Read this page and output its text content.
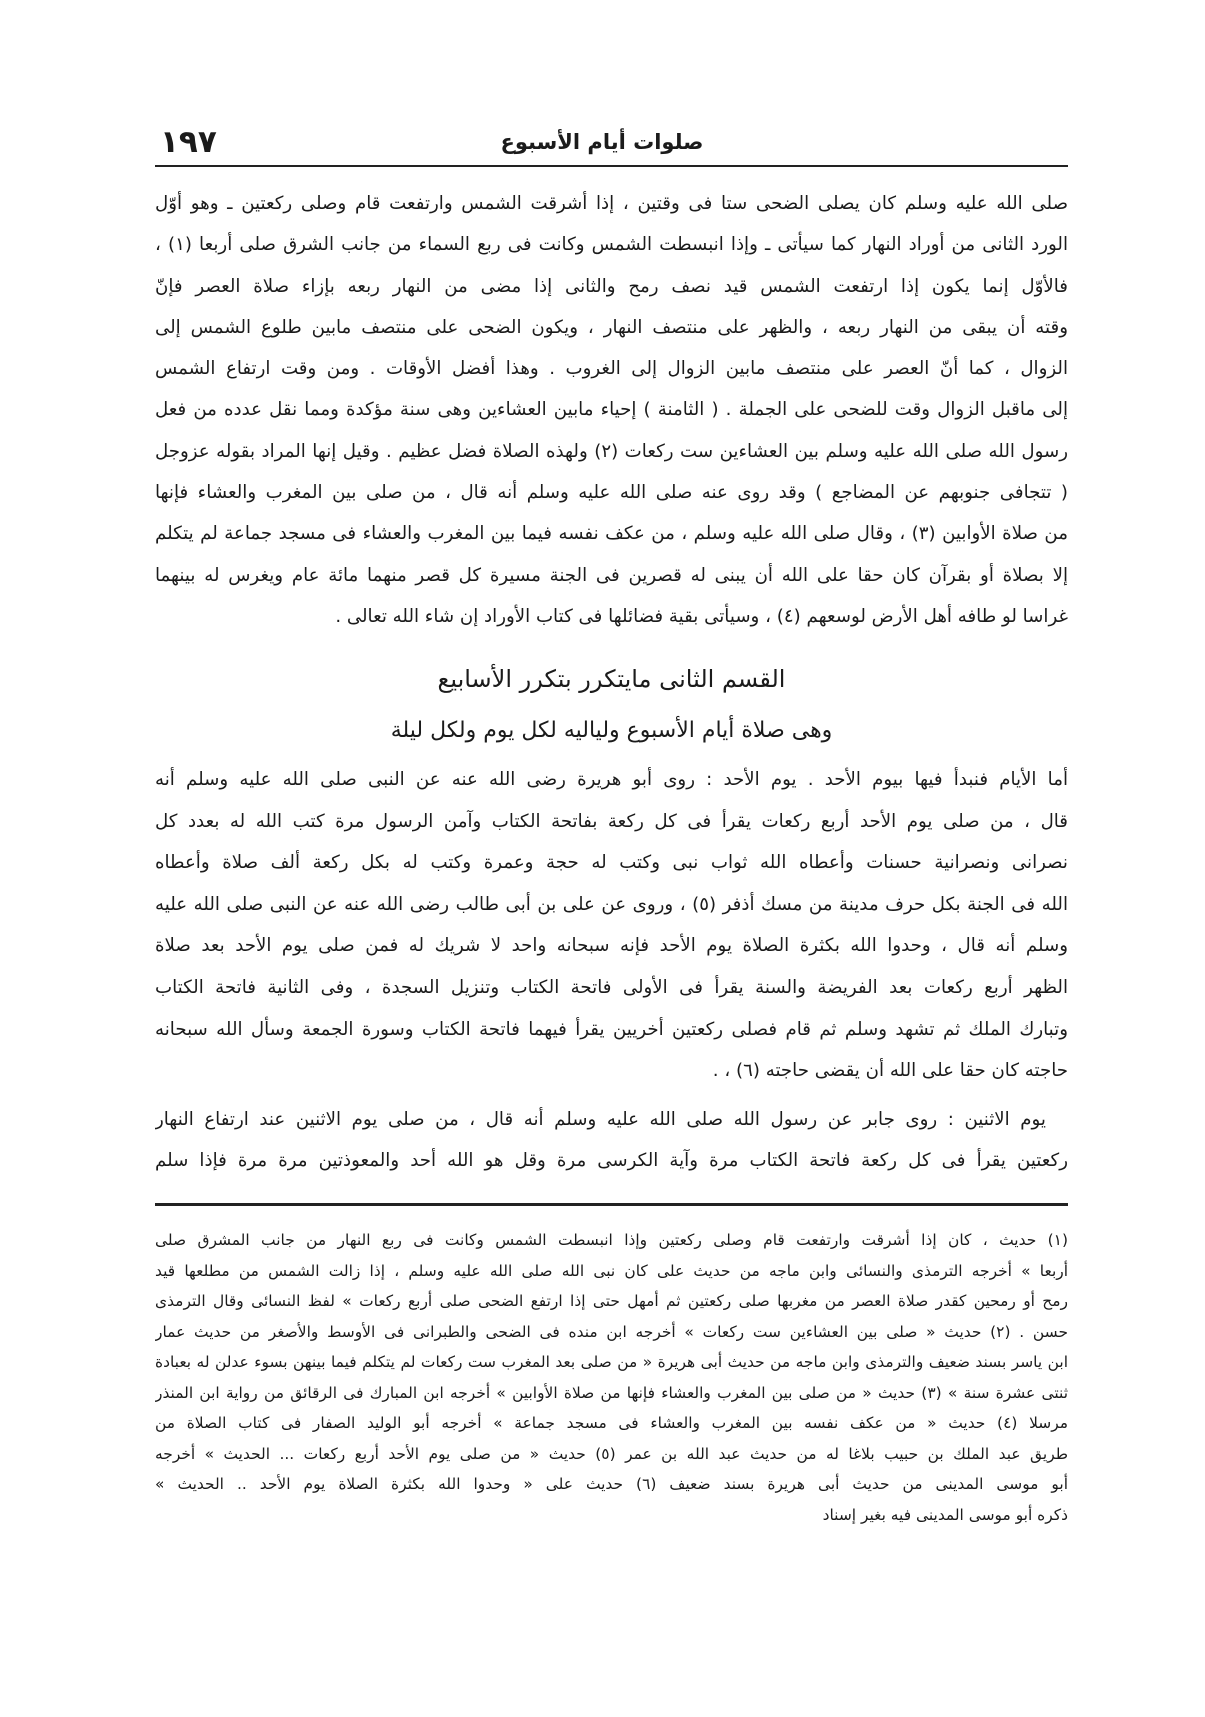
١٩٧	صلوات أيام الأسبوع
صلى الله عليه وسلم كان يصلى الضحى ستا فى وقتين ، إذا أشرقت الشمس وارتفعت قام وصلى ركعتين ـ وهو أوّل
الورد الثانى من أوراد النهار كما سيأتى ـ وإذا انبسطت الشمس وكانت فى ربع السماء من جانب الشرق صلى أربعا (١) ،
فالأوّل إنما يكون إذا ارتفعت الشمس قيد نصف رمح والثانى إذا مضى من النهار ربعه بإزاء صلاة العصر فإنّ
وقته أن يبقى من النهار ربعه ، والظهر على منتصف النهار ، ويكون الضحى على منتصف مابين طلوع الشمس إلى
الزوال ، كما أنّ العصر على منتصف مابين الزوال إلى الغروب . وهذا أفضل الأوقات . ومن وقت ارتفاع الشمس
إلى ماقبل الزوال وقت للضحى على الجملة . ( الثامنة ) إحياء مابين العشاءين وهى سنة مؤكدة ومما نقل عدده من فعل
رسول الله صلى الله عليه وسلم بين العشاءين ست ركعات (٢) ولهذه الصلاة فضل عظيم . وقيل إنها المراد بقوله عزوجل
( تتجافى جنوبهم عن المضاجع ) وقد روى عنه صلى الله عليه وسلم أنه قال ، من صلى بين المغرب والعشاء فإنها
من صلاة الأوابين (٣) ، وقال صلى الله عليه وسلم ، من عكف نفسه فيما بين المغرب والعشاء فى مسجد جماعة لم يتكلم
إلا بصلاة أو بقرآن كان حقا على الله أن يبنى له قصرين فى الجنة مسيرة كل قصر منهما مائة عام ويغرس له بينهما
غراسا لو طافه أهل الأرض لوسعهم (٤) ، وسيأتى بقية فضائلها فى كتاب الأوراد إن شاء الله تعالى .
القسم الثانى مايتكرر بتكرر الأسابيع
وهى صلاة أيام الأسبوع ولياليه لكل يوم ولكل ليلة
أما الأيام فنبدأ فيها بيوم الأحد . يوم الأحد : روى أبو هريرة رضى الله عنه عن النبى صلى الله عليه وسلم أنه
قال ، من صلى يوم الأحد أربع ركعات يقرأ فى كل ركعة بفاتحة الكتاب وآمن الرسول مرة كتب الله له بعدد كل
نصرانى ونصرانية حسنات وأعطاه الله ثواب نبى وكتب له حجة وعمرة وكتب له بكل ركعة ألف صلاة وأعطاه
الله فى الجنة بكل حرف مدينة من مسك أذفر (٥) ، وروى عن على بن أبى طالب رضى الله عنه عن النبى صلى الله عليه
وسلم أنه قال ، وحدوا الله بكثرة الصلاة يوم الأحد فإنه سبحانه واحد لا شريك له فمن صلى يوم الأحد بعد صلاة
الظهر أربع ركعات بعد الفريضة والسنة يقرأ فى الأولى فاتحة الكتاب وتنزيل السجدة ، وفى الثانية فاتحة الكتاب
وتبارك الملك ثم تشهد وسلم ثم قام فصلى ركعتين أخريين يقرأ فيهما فاتحة الكتاب وسورة الجمعة وسأل الله سبحانه
حاجته كان حقا على الله أن يقضى حاجته (٦) ، .
يوم الاثنين : روى جابر عن رسول الله صلى الله عليه وسلم أنه قال ، من صلى يوم الاثنين عند ارتفاع النهار
ركعتين يقرأ فى كل ركعة فاتحة الكتاب مرة وآية الكرسى مرة وقل هو الله أحد والمعوذتين مرة مرة فإذا سلم
(١) حديث ، كان إذا أشرقت وارتفعت قام وصلى ركعتين وإذا انبسطت الشمس وكانت فى ربع النهار من جانب المشرق صلى
أربعا » أخرجه الترمذى والنسائى وابن ماجه من حديث على كان نبى الله صلى الله عليه وسلم ، إذا زالت الشمس من مطلعها قيد
رمح أو رمحين كقدر صلاة العصر من مغربها صلى ركعتين ثم أمهل حتى إذا ارتفع الضحى صلى أربع ركعات » لفظ النسائى وقال الترمذى
حسن . (٢) حديث « صلى بين العشاءين ست ركعات » أخرجه ابن منده فى الضحى والطبرانى فى الأوسط والأصغر من حديث عمار
ابن ياسر بسند ضعيف والترمذى وابن ماجه من حديث أبى هريرة « من صلى بعد المغرب ست ركعات لم يتكلم فيما بينهن بسوء عدلن له بعبادة
ثنتى عشرة سنة » (٣) حديث « من صلى بين المغرب والعشاء فإنها من صلاة الأوابين » أخرجه ابن المبارك فى الرقائق من رواية ابن المنذر
مرسلا (٤) حديث « من عكف نفسه بين المغرب والعشاء فى مسجد جماعة » أخرجه أبو الوليد الصفار فى كتاب الصلاة من
طريق عبد الملك بن حبيب بلاغا له من حديث عبد الله بن عمر (٥) حديث « من صلى يوم الأحد أربع ركعات ... الحديث » أخرجه
أبو موسى المدينى من حديث أبى هريرة بسند ضعيف (٦) حديث على « وحدوا الله بكثرة الصلاة يوم الأحد .. الحديث »
ذكره أبو موسى المدينى فيه بغير إسناد
